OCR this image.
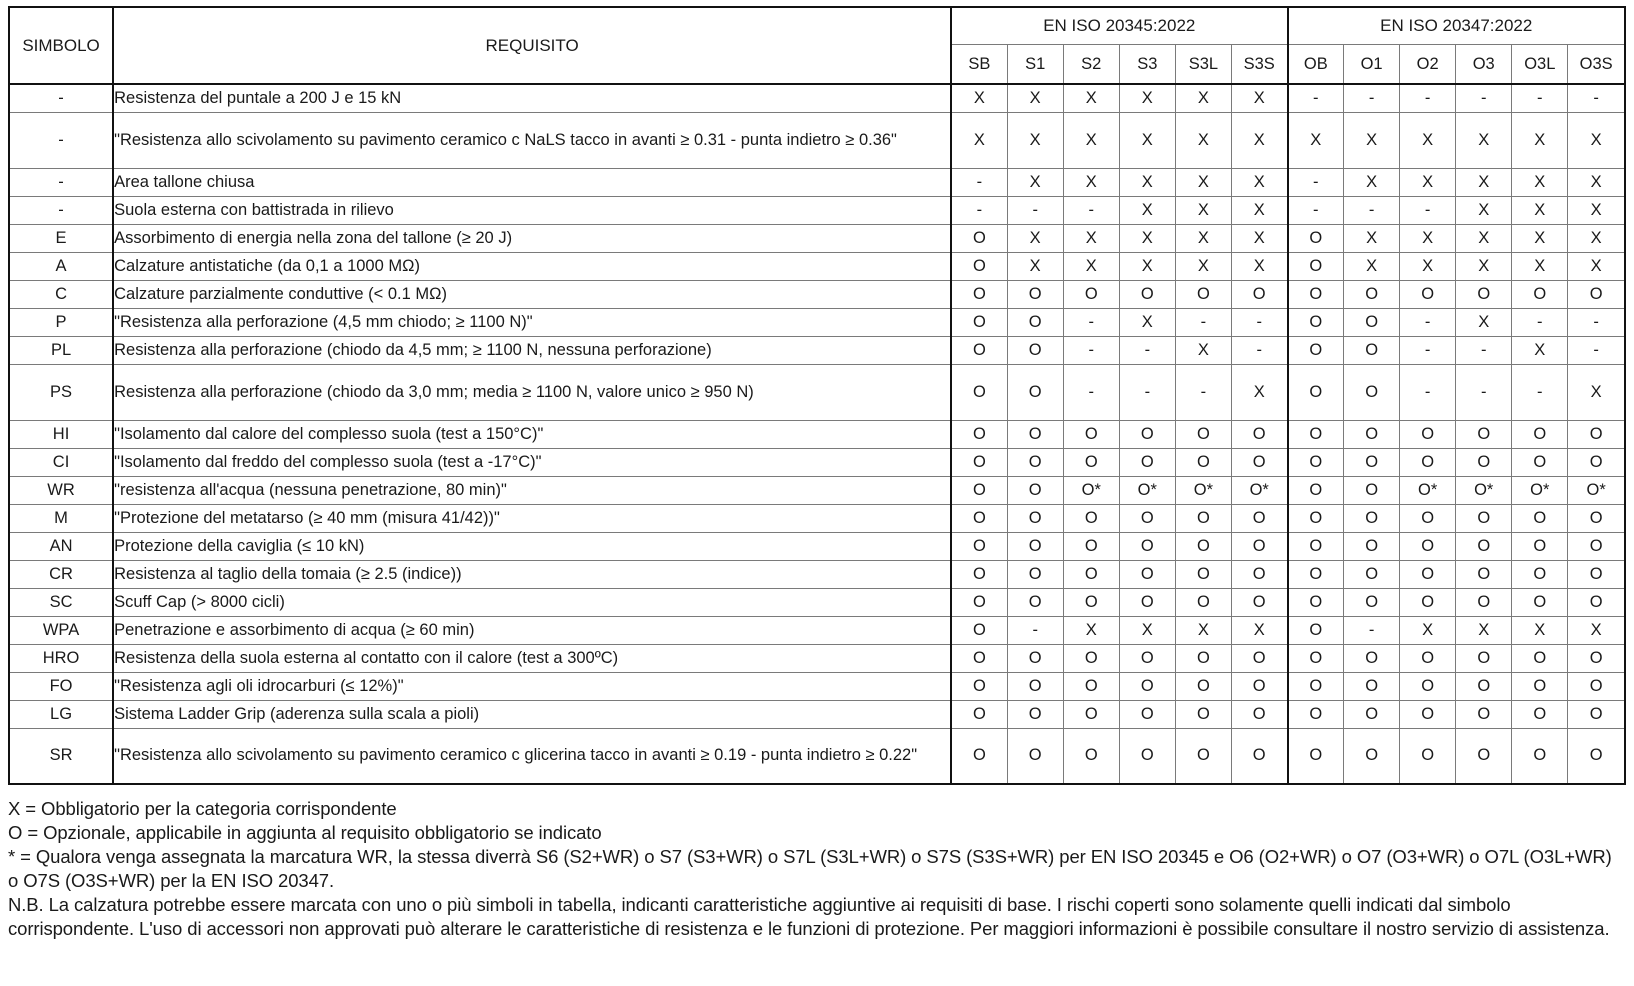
SIMBOLO	REQUISITO	EN ISO 20345:2022						EN ISO 20347:2022					
		SB	S1	S2	S3	S3L	S3S	OB	O1	O2	O3	O3L	O3S
-	Resistenza del puntale a 200 J e 15 kN	X	X	X	X	X	X	-	-	-	-	-	-
-	"Resistenza allo scivolamento su pavimento ceramico c NaLS tacco in avanti ≥ 0.31 - punta indietro ≥ 0.36"	X	X	X	X	X	X	X	X	X	X	X	X
-	Area tallone chiusa	-	X	X	X	X	X	-	X	X	X	X	X
-	Suola esterna con battistrada in rilievo	-	-	-	X	X	X	-	-	-	X	X	X
E	Assorbimento di energia nella zona del tallone (≥ 20 J)	O	X	X	X	X	X	O	X	X	X	X	X
A	Calzature antistatiche (da 0,1 a 1000 MΩ)	O	X	X	X	X	X	O	X	X	X	X	X
C	Calzature parzialmente conduttive (< 0.1 MΩ)	O	O	O	O	O	O	O	O	O	O	O	O
P	"Resistenza alla perforazione (4,5 mm chiodo; ≥ 1100 N)"	O	O	-	X	-	-	O	O	-	X	-	-
PL	Resistenza alla perforazione (chiodo da 4,5 mm; ≥ 1100 N, nessuna perforazione)	O	O	-	-	X	-	O	O	-	-	X	-
PS	Resistenza alla perforazione (chiodo da 3,0 mm; media ≥ 1100 N, valore unico ≥ 950 N)	O	O	-	-	-	X	O	O	-	-	-	X
HI	"Isolamento dal calore del complesso suola (test a 150°C)"	O	O	O	O	O	O	O	O	O	O	O	O
CI	"Isolamento dal freddo del complesso suola (test a -17°C)"	O	O	O	O	O	O	O	O	O	O	O	O
WR	"resistenza all'acqua (nessuna penetrazione, 80 min)"	O	O	O*	O*	O*	O*	O	O	O*	O*	O*	O*
M	"Protezione del metatarso (≥ 40 mm (misura 41/42))"	O	O	O	O	O	O	O	O	O	O	O	O
AN	Protezione della caviglia (≤ 10 kN)	O	O	O	O	O	O	O	O	O	O	O	O
CR	Resistenza al taglio della tomaia (≥ 2.5 (indice))	O	O	O	O	O	O	O	O	O	O	O	O
SC	Scuff Cap (> 8000 cicli)	O	O	O	O	O	O	O	O	O	O	O	O
WPA	Penetrazione e assorbimento di acqua (≥ 60 min)	O	-	X	X	X	X	O	-	X	X	X	X
HRO	Resistenza della suola esterna al contatto con il calore (test a 300ºC)	O	O	O	O	O	O	O	O	O	O	O	O
FO	"Resistenza agli oli idrocarburi (≤ 12%)"	O	O	O	O	O	O	O	O	O	O	O	O
LG	Sistema Ladder Grip (aderenza sulla scala a pioli)	O	O	O	O	O	O	O	O	O	O	O	O
SR	"Resistenza allo scivolamento su pavimento ceramico c glicerina tacco in avanti ≥ 0.19 - punta indietro ≥ 0.22"	O	O	O	O	O	O	O	O	O	O	O	O

X = Obbligatorio per la categoria corrispondente

O = Opzionale, applicabile in aggiunta al requisito obbligatorio se indicato

* = Qualora venga assegnata la marcatura WR, la stessa diverrà S6 (S2+WR) o S7 (S3+WR) o S7L (S3L+WR) o S7S (S3S+WR) per EN ISO 20345 e O6 (O2+WR) o O7 (O3+WR) o O7L (O3L+WR) o O7S (O3S+WR) per la EN ISO 20347.

N.B. La calzatura potrebbe essere marcata con uno o più simboli in tabella, indicanti caratteristiche aggiuntive ai requisiti di base. I rischi coperti sono solamente quelli indicati dal simbolo corrispondente. L'uso di accessori non approvati può alterare le caratteristiche di resistenza e le funzioni di protezione. Per maggiori informazioni è possibile consultare il nostro servizio di assistenza.
